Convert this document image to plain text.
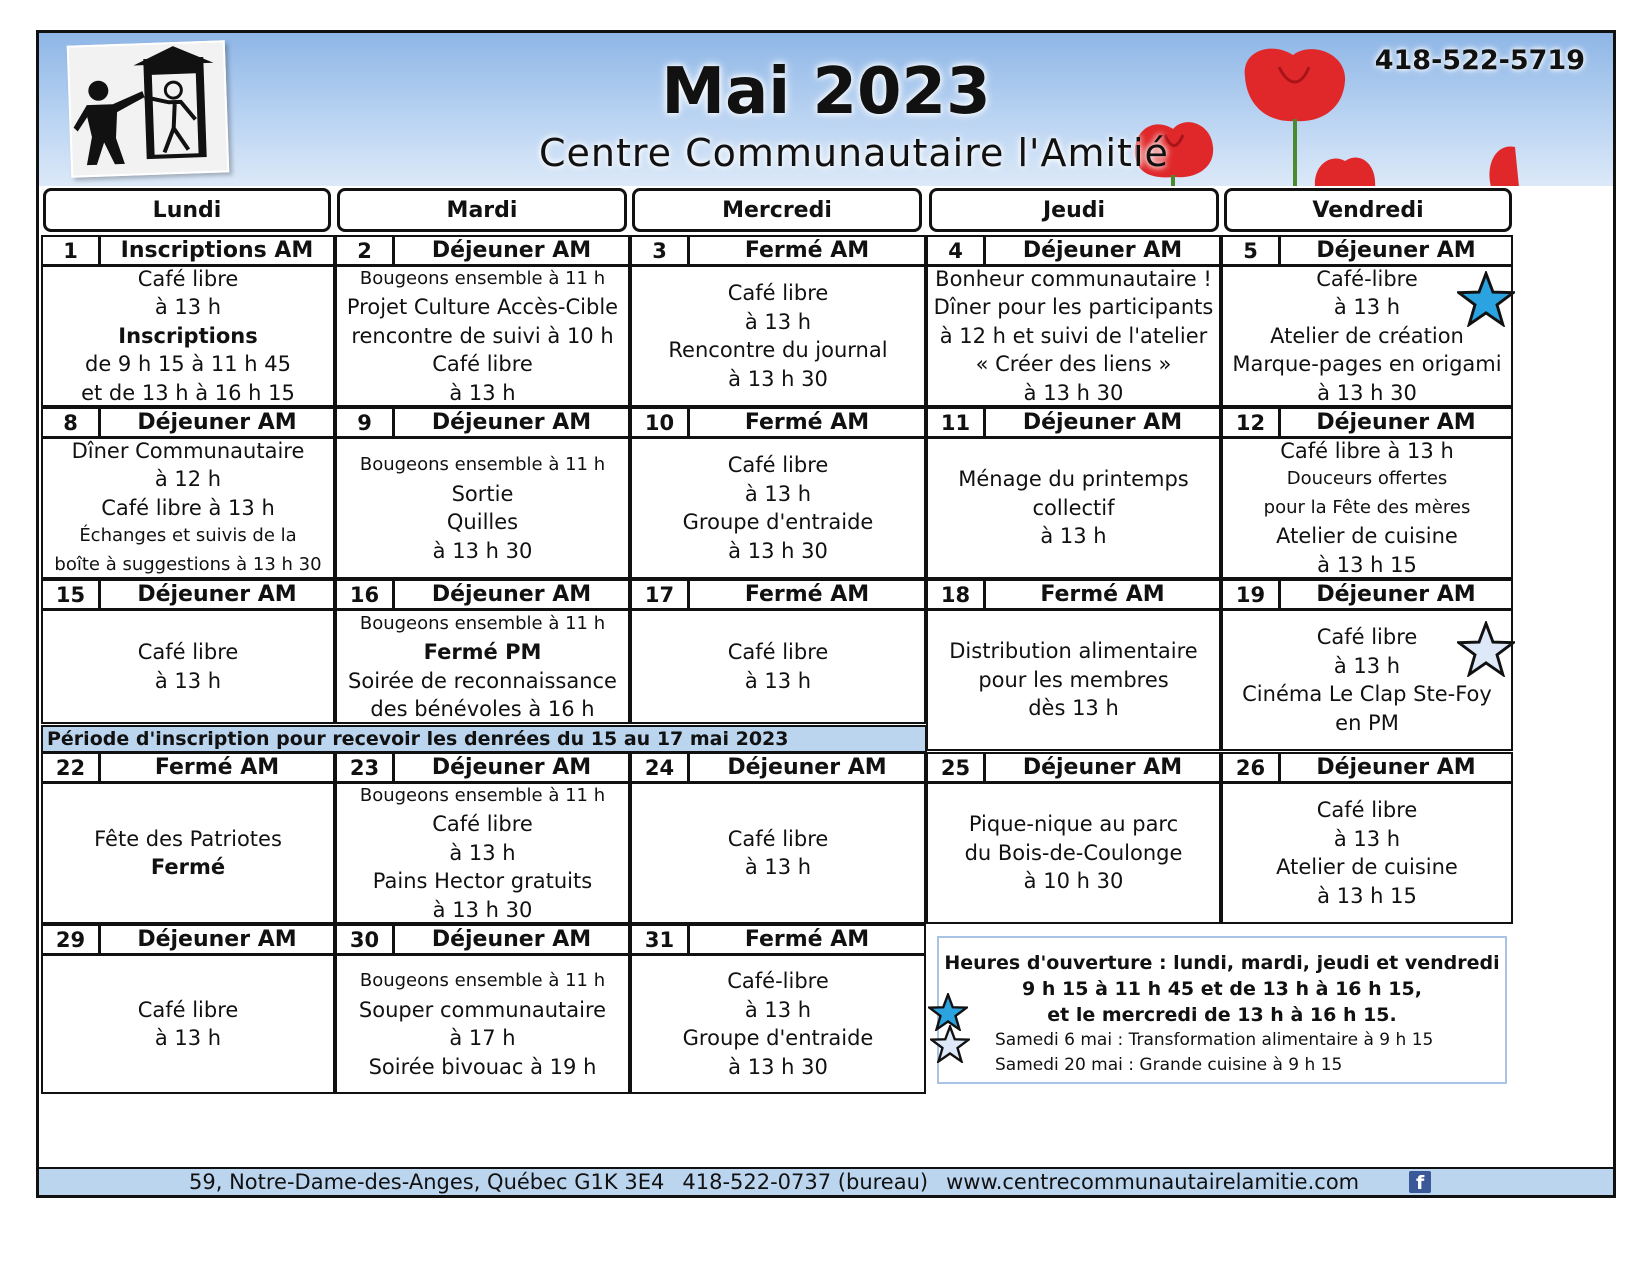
Mai 2023
Centre Communautaire l'Amitié
418-522-5719
Lundi	Mardi	Mercredi	Jeudi	Vendredi
1	Inscriptions AM
Café libre
à 13 h
Inscriptions
de 9 h 15 à 11 h 45
et de 13 h à 16 h 15
2	Déjeuner AM
Bougeons ensemble à 11 h
Projet Culture Accès-Cible
rencontre de suivi à 10 h
Café libre
à 13 h
3	Fermé AM
Café libre
à 13 h
Rencontre du journal
à 13 h 30
4	Déjeuner AM
Bonheur communautaire !
Dîner pour les participants
à 12 h et suivi de l'atelier
« Créer des liens »
à 13 h 30
5	Déjeuner AM
Café-libre
à 13 h
Atelier de création
Marque-pages en origami
à 13 h 30
8	Déjeuner AM
Dîner Communautaire
à 12 h
Café libre à 13 h
Échanges et suivis de la
boîte à suggestions à 13 h 30
9	Déjeuner AM
Bougeons ensemble à 11 h
Sortie
Quilles
à 13 h 30
10	Fermé AM
Café libre
à 13 h
Groupe d'entraide
à 13 h 30
11	Déjeuner AM
Ménage du printemps
collectif
à 13 h
12	Déjeuner AM
Café libre à 13 h
Douceurs offertes
pour la Fête des mères
Atelier de cuisine
à 13 h 15
15	Déjeuner AM
Café libre
à 13 h
16	Déjeuner AM
Bougeons ensemble à 11 h
Fermé PM
Soirée de reconnaissance
des bénévoles à 16 h
17	Fermé AM
Café libre
à 13 h
18	Fermé AM
Distribution alimentaire
pour les membres
dès 13 h
19	Déjeuner AM
Café libre
à 13 h
Cinéma Le Clap Ste-Foy
en PM
22	Fermé AM
Fête des Patriotes
Fermé
23	Déjeuner AM
Bougeons ensemble à 11 h
Café libre
à 13 h
Pains Hector gratuits
à 13 h 30
24	Déjeuner AM
Café libre
à 13 h
25	Déjeuner AM
Pique-nique au parc
du Bois-de-Coulonge
à 10 h 30
26	Déjeuner AM
Café libre
à 13 h
Atelier de cuisine
à 13 h 15
29	Déjeuner AM
Café libre
à 13 h
30	Déjeuner AM
Bougeons ensemble à 11 h
Souper communautaire
à 17 h
Soirée bivouac à 19 h
31	Fermé AM
Café-libre
à 13 h
Groupe d'entraide
à 13 h 30
Période d'inscription pour recevoir les denrées du 15 au 17 mai 2023
Heures d'ouverture : lundi, mardi, jeudi et vendredi
9 h 15 à 11 h 45 et de 13 h à 16 h 15,
et le mercredi de 13 h à 16 h 15.
Samedi 6 mai : Transformation alimentaire à 9 h 15
Samedi 20 mai : Grande cuisine à 9 h 15
59, Notre-Dame-des-Anges, Québec G1K 3E4 418-522-0737 (bureau) www.centrecommunautairelamitie.com	f
